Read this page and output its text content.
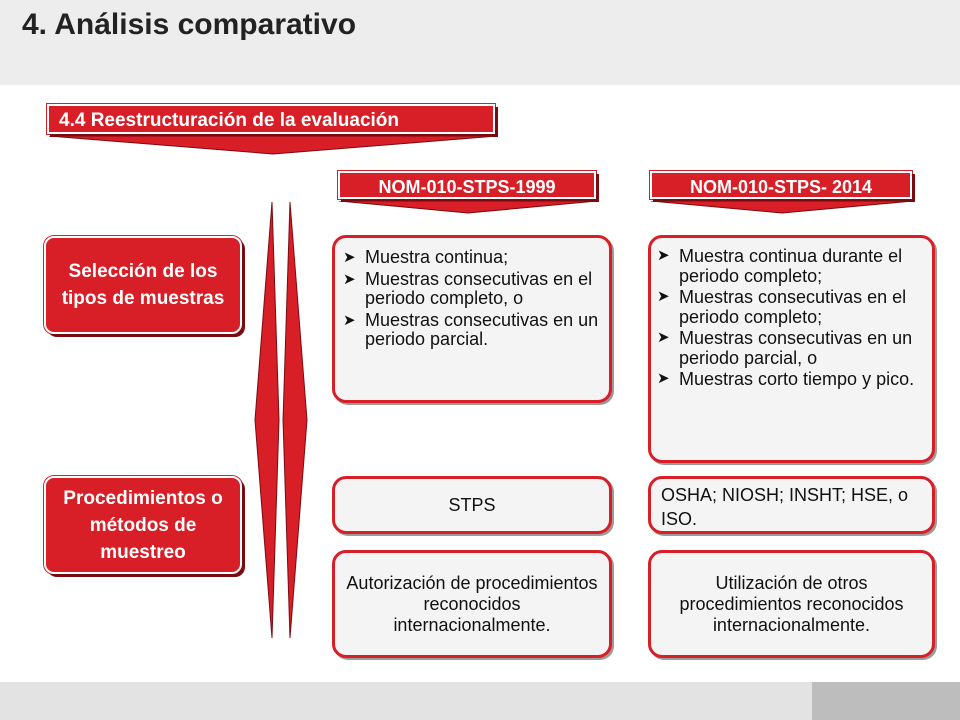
4. Análisis comparativo
4.4 Reestructuración de la evaluación
NOM-010-STPS-1999	NOM-010-STPS- 2014
Selección de los tipos de muestras
Procedimientos o métodos de muestreo
➤ Muestra continua;
➤ Muestras consecutivas en el periodo completo, o
➤ Muestras consecutivas en un periodo parcial.
➤ Muestra continua durante el periodo completo;
➤ Muestras consecutivas en el periodo completo;
➤ Muestras consecutivas en un periodo parcial, o
➤ Muestras corto tiempo y pico.
STPS	OSHA; NIOSH; INSHT; HSE, o ISO.
Autorización de procedimientos reconocidos internacionalmente.
Utilización de otros procedimientos reconocidos internacionalmente.
